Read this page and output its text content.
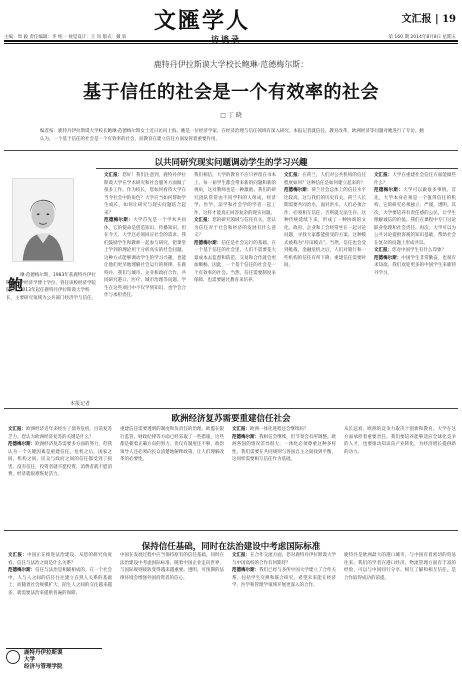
文匯学人	文汇报 | 19
主编：周 毅 责任编辑：李 纯一 视觉设计：王 岚 版式：戴 轶	第 160 期 2014年8月8日 星期五
鹿特丹伊拉斯谟大学校长鲍琳·范德梅尔斯：
基于信任的社会是一个有效率的社会
□ 丁 晓
编者按：鹿特丹伊拉斯谟大学校长鲍琳·范德梅尔斯女士近日访问上海。她是一位经济学家，在经济治理与信任领域有深入研究。本报记者就信任、教育改革、欧洲经济等问题对她进行了专访。她认为，一个基于信任的社会是一个有效率的社会，而教育在建立信任方面发挥着重要作用。
以共同研究现实问题调动学生的学习兴趣
鲍
琳·范德梅尔斯，1983年获鹿特丹伊拉斯谟大学经济学博士学位。曾任该校经济学院院长。2013年起任鹿特丹伊拉斯谟大学校长，主要研究领域为公共部门经济学与信任。
文汇报：您好！我们注意到，鹿特丹伊拉斯谟大学在学术研究和社会服务方面做了很多工作。作为校长，您如何看待大学在当今社会中的角色？大学应当如何帮助学生成长，如何让研究与现实问题结合起来？
范德梅尔斯：大学首先是一个学术共同体，它的使命是创造知识、传播知识。但在今天，大学还必须回应社会的需求。我们鼓励学生和教师一起参与研究，把课堂上学到的理论用于分析真实的社会问题。这种方式能够调动学生的学习兴趣，也能让他们更早地理解社会运行的规律。在鹿特丹，我们与城市、企业和政府合作，共同研究港口、医疗、城市治理等问题。学生在这些项目中不仅学到知识，也学会合作与承担责任。
我们相信，大学的教育不应只停留在书本上。每一届学生都会带来新的问题和新的视角，这对教师也是一种激励。我们的研究团队常常由不同学科的人组成，经济学、医学、法学和社会学的学者一起工作，这样才能真正回答复杂的现实问题。
文汇报：您的研究领域与信任有关。您认为信任对于社会和经济的发展有什么意义？
范德梅尔斯：信任是社会运行的基础。在一个基于信任的社会里，人们不需要花大量成本去监督和防范，交易和合作就会更加顺畅。因此，一个基于信任的社会是一个有效率的社会。当然，信任需要制度来保障，也需要通过教育来培养。
文汇报：在荷兰，人们对公共机构的信任程度如何？这种信任是如何建立起来的？
范德梅尔斯：荷兰社会总体上的信任水平比较高。这与我们的历史有关。荷兰人长期需要共同治水，面对洪水，人们必须合作，必须相互信任，否则就无法生存。这种传统延续下来，形成了一种协商的文化。政府、企业和工会经常坐在一起讨论问题，寻找大家都能接受的方案。这种模式被称为“圩田模式”。当然，信任也会受到挑战，金融危机之后，人们对银行和一些机构的信任有所下降，重建信任需要时间。
文汇报：大学在重建社会信任方面能做些什么？
范德梅尔斯：大学可以做很多事情。首先，大学本身必须是一个值得信任的机构，它的研究必须独立、严谨、透明。其次，大学要培养有责任感的公民，让学生理解诚信的价值。我们在课程中专门讨论职业伦理和社会责任。再次，大学可以为公共讨论提供客观的知识基础，帮助社会在复杂的问题上形成共识。
文汇报：您对中国学生有什么印象？
范德梅尔斯：中国学生非常勤奋，也很有求知欲。我们欢迎更多的中国学生来鹿特丹学习。
本报记者
欧洲经济复苏需要重建信任社会
文汇报：欧洲经济近年来经历了债务危机，目前复苏乏力。您认为欧洲经济复苏的关键是什么？
范德梅尔斯：欧洲经济复苏需要多方面的努力，但我认为一个关键因素是重建信任。危机之后，国家之间、机构之间、民众与政府之间的信任都受到了损害。没有信任，投资者就不愿投资，消费者就不愿消费，经济就很难恢复活力。
重建信任需要透明的制度和负责任的治理。欧盟在银行监管、财政纪律等方面已经采取了一些措施，这些都是朝着正确方向的努力。但仅有制度还不够，政治领导人还必须向民众清楚地解释政策，让人们理解改革的必要性。
文汇报：欧洲一体化进程还会继续吗？
范德梅尔斯：我相信会继续，但节奏会有所调整。欧洲各国的情况差异很大，一体化必须尊重这种多样性。我们需要在共同规则与各国自主之间找到平衡，这同样需要相互信任作为基础。
从长远看，欧洲的竞争力取决于创新和教育。大学在这方面承担着重要责任。我们要培养能够适应全球化竞争的人才，也要推动知识向产业转化，为经济增长提供新的动力。
保持信任基础，同时在法治建设中考虑国际标准
文汇报：中国正在推进法治建设。从您的研究角度看，信任与法治之间是什么关系？
范德梅尔斯：信任与法治是相辅相成的。在一个社会中，人与人之间的信任往往建立在熟人关系的基础上，而随着社会规模扩大，陌生人之间的交往越来越多，就需要法治来提供普遍的保障。
中国在发展过程中应当保持原有的信任基础，同时在法治建设中考虑国际标准。随着中国企业走向世界，与国际规则接轨变得越来越重要。透明、可预期的法律环境会增强外国投资者的信心。
文汇报：在合作交流方面，您对鹿特丹伊拉斯谟大学与中国高校的合作有何期待？
范德梅尔斯：我们已经与多所中国大学建立了合作关系，包括学生交换和联合研究。希望未来能在经济学、医学和管理学领域开展更深入的合作。
鹿特丹是欧洲最大的港口城市，与中国有着密切的贸易往来。我们的学者在港口经济、物流管理方面有丰富的经验，可以与中国同行分享。相互了解和相互信任，是合作取得成功的前提。
鹿特丹伊拉斯谟大学
经济与管理学院
